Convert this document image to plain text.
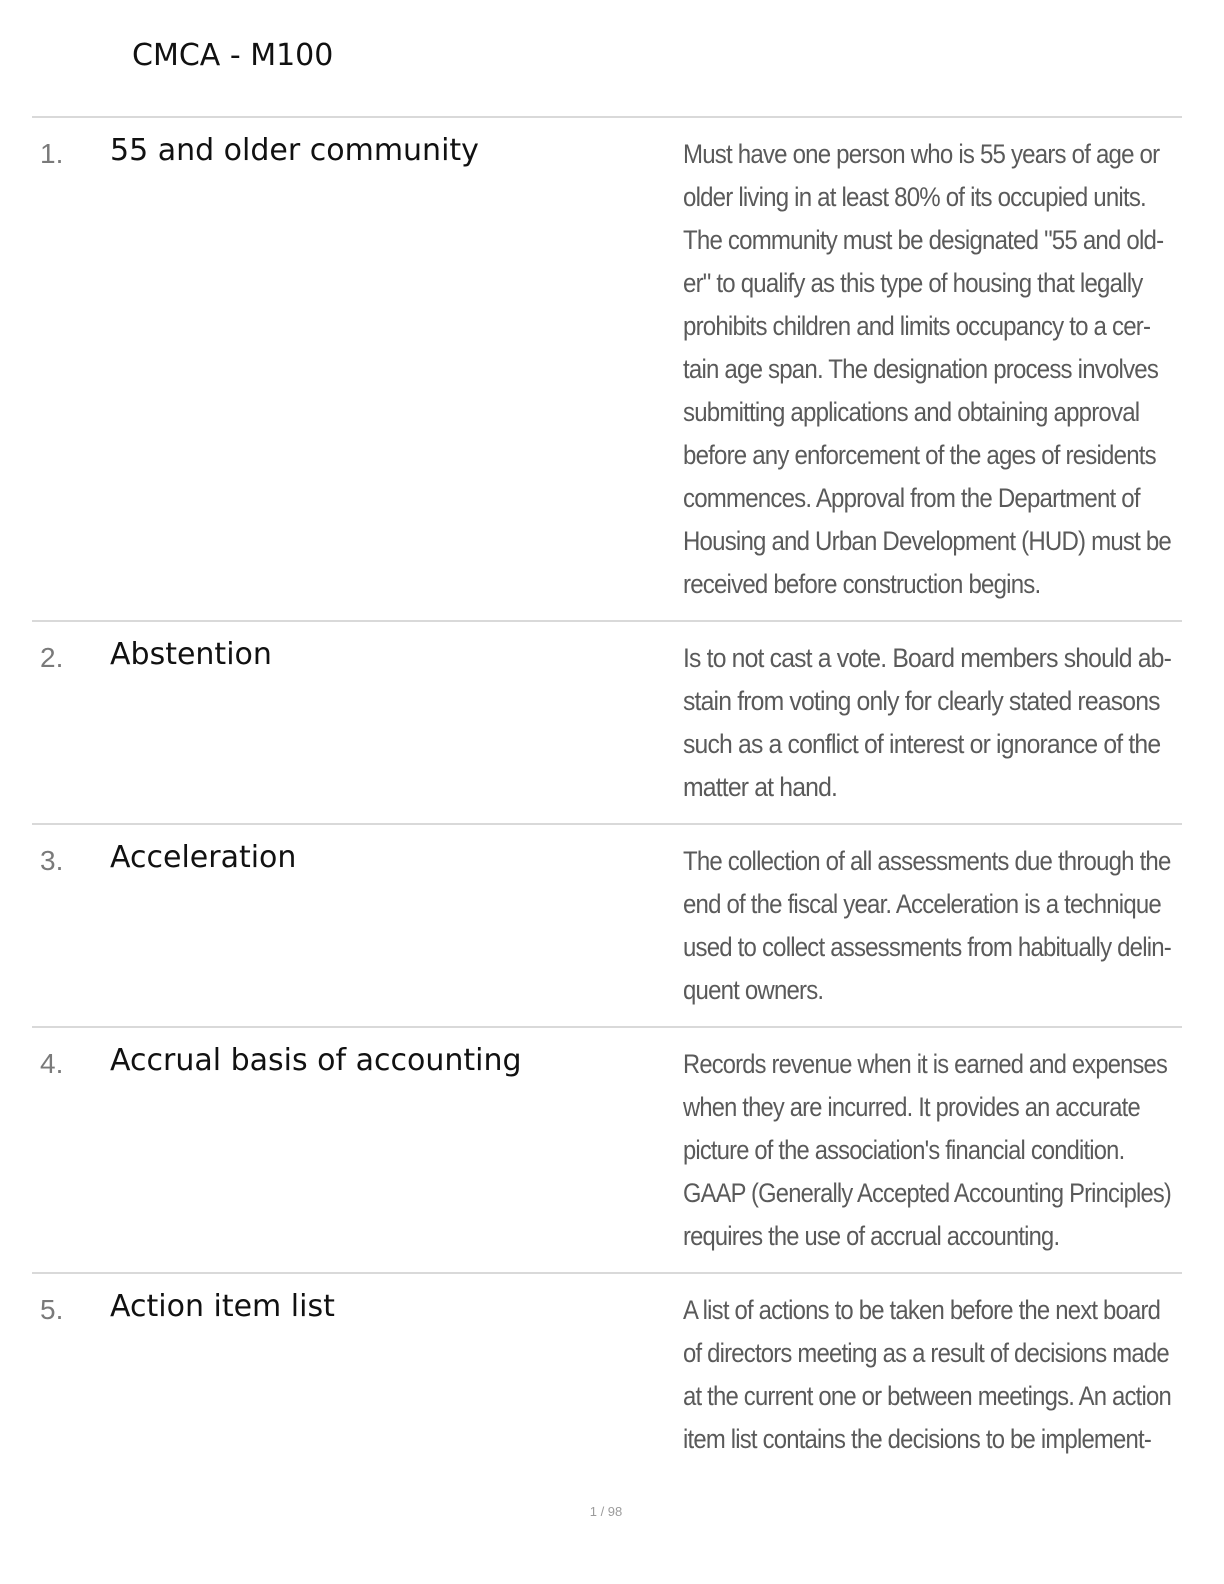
CMCA - M100
1. 55 and older community	Must have one person who is 55 years of age or
older living in at least 80% of its occupied units.
The community must be designated "55 and old-
er" to qualify as this type of housing that legally
prohibits children and limits occupancy to a cer-
tain age span. The designation process involves
submitting applications and obtaining approval
before any enforcement of the ages of residents
commences. Approval from the Department of
Housing and Urban Development (HUD) must be
received before construction begins.
2. Abstention	Is to not cast a vote. Board members should ab-
stain from voting only for clearly stated reasons
such as a conflict of interest or ignorance of the
matter at hand.
3. Acceleration	The collection of all assessments due through the
end of the fiscal year. Acceleration is a technique
used to collect assessments from habitually delin-
quent owners.
4. Accrual basis of accounting	Records revenue when it is earned and expenses
when they are incurred. It provides an accurate
picture of the association's financial condition.
GAAP (Generally Accepted Accounting Principles)
requires the use of accrual accounting.
5. Action item list	A list of actions to be taken before the next board
of directors meeting as a result of decisions made
at the current one or between meetings. An action
item list contains the decisions to be implement-
1 / 98
